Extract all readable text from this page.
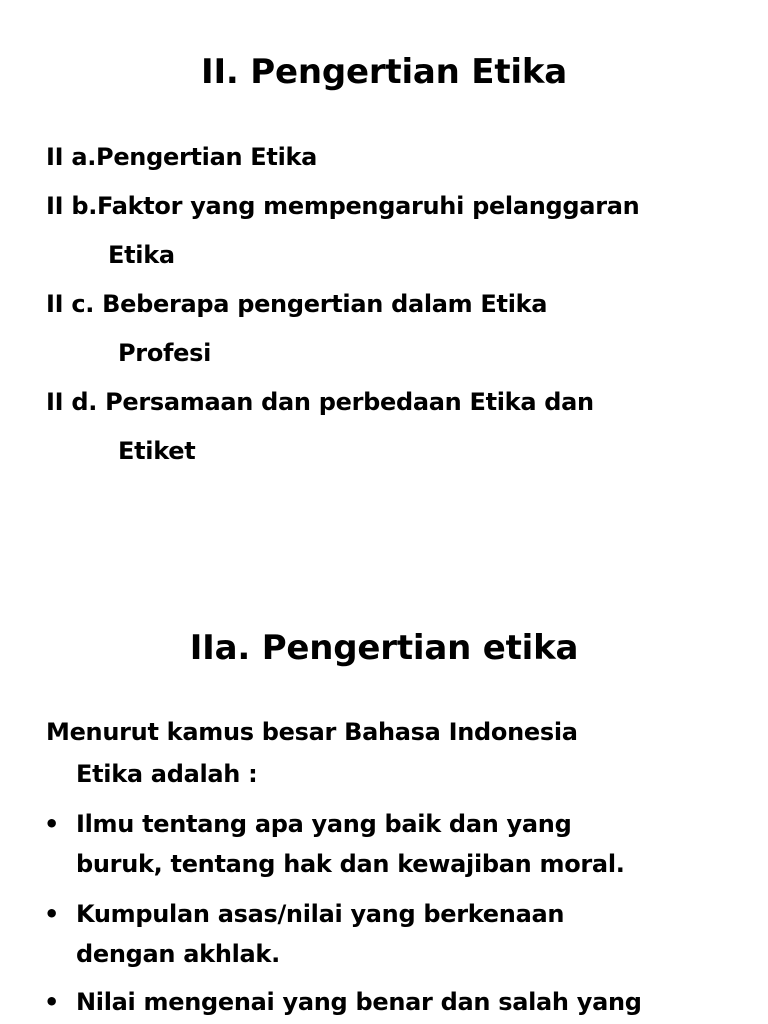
II. Pengertian Etika
II a.Pengertian Etika
II b.Faktor yang mempengaruhi pelanggaran
Etika
II c. Beberapa pengertian dalam Etika
Profesi
II d. Persamaan dan perbedaan Etika dan
Etiket
IIa. Pengertian etika
Menurut kamus besar Bahasa Indonesia
Etika adalah :
• Ilmu tentang apa yang baik dan yang
buruk, tentang hak dan kewajiban moral.
• Kumpulan asas/nilai yang berkenaan
dengan akhlak.
• Nilai mengenai yang benar dan salah yang
